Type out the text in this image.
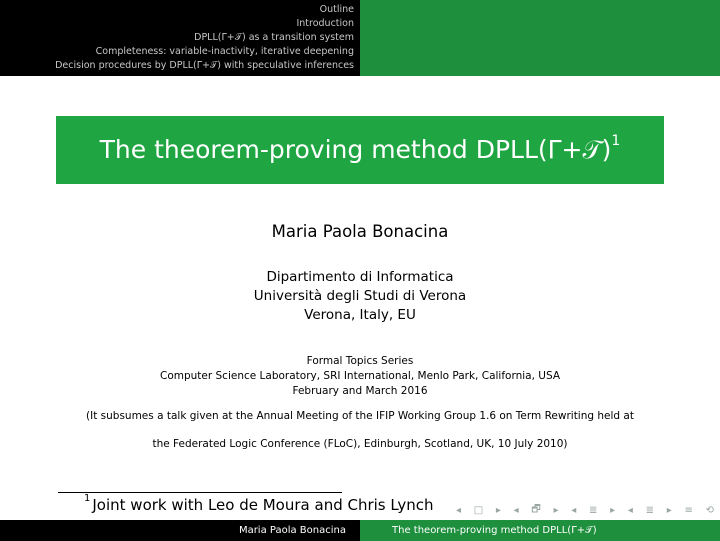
Outline
Introduction
DPLL(Γ+𝒯) as a transition system
Completeness: variable-inactivity, iterative deepening
Decision procedures by DPLL(Γ+𝒯) with speculative inferences
The theorem-proving method DPLL(Γ+𝒯)$^1$
Maria Paola Bonacina
Dipartimento di Informatica
Università degli Studi di Verona
Verona, Italy, EU
Formal Topics Series
Computer Science Laboratory, SRI International, Menlo Park, California, USA
February and March 2016
(It subsumes a talk given at the Annual Meeting of the IFIP Working Group 1.6 on Term Rewriting held at
the Federated Logic Conference (FLoC), Edinburgh, Scotland, UK, 10 July 2010)
$^1$ Joint work with Leo de Moura and Chris Lynch ◂ □ ▸ ◂ 🗗 ▸ ◂ ≣ ▸ ◂ ≣ ▸ ≡ ⟲
Maria Paola Bonacina	The theorem-proving method DPLL(Γ+𝒯)
